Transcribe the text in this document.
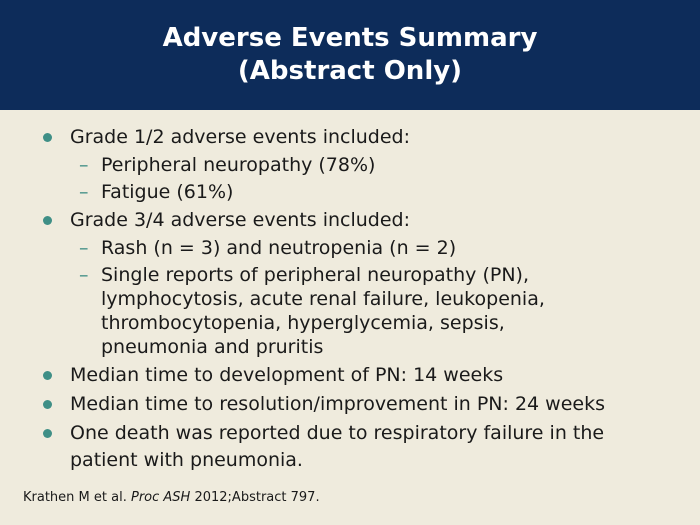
Adverse Events Summary
(Abstract Only)
Grade 1/2 adverse events included:
– Peripheral neuropathy (78%)
– Fatigue (61%)
Grade 3/4 adverse events included:
– Rash (n = 3) and neutropenia (n = 2)
– Single reports of peripheral neuropathy (PN), lymphocytosis, acute renal failure, leukopenia, thrombocytopenia, hyperglycemia, sepsis, pneumonia and pruritis
Median time to development of PN: 14 weeks
Median time to resolution/improvement in PN: 24 weeks
One death was reported due to respiratory failure in the patient with pneumonia.
Krathen M et al. Proc ASH 2012;Abstract 797.
